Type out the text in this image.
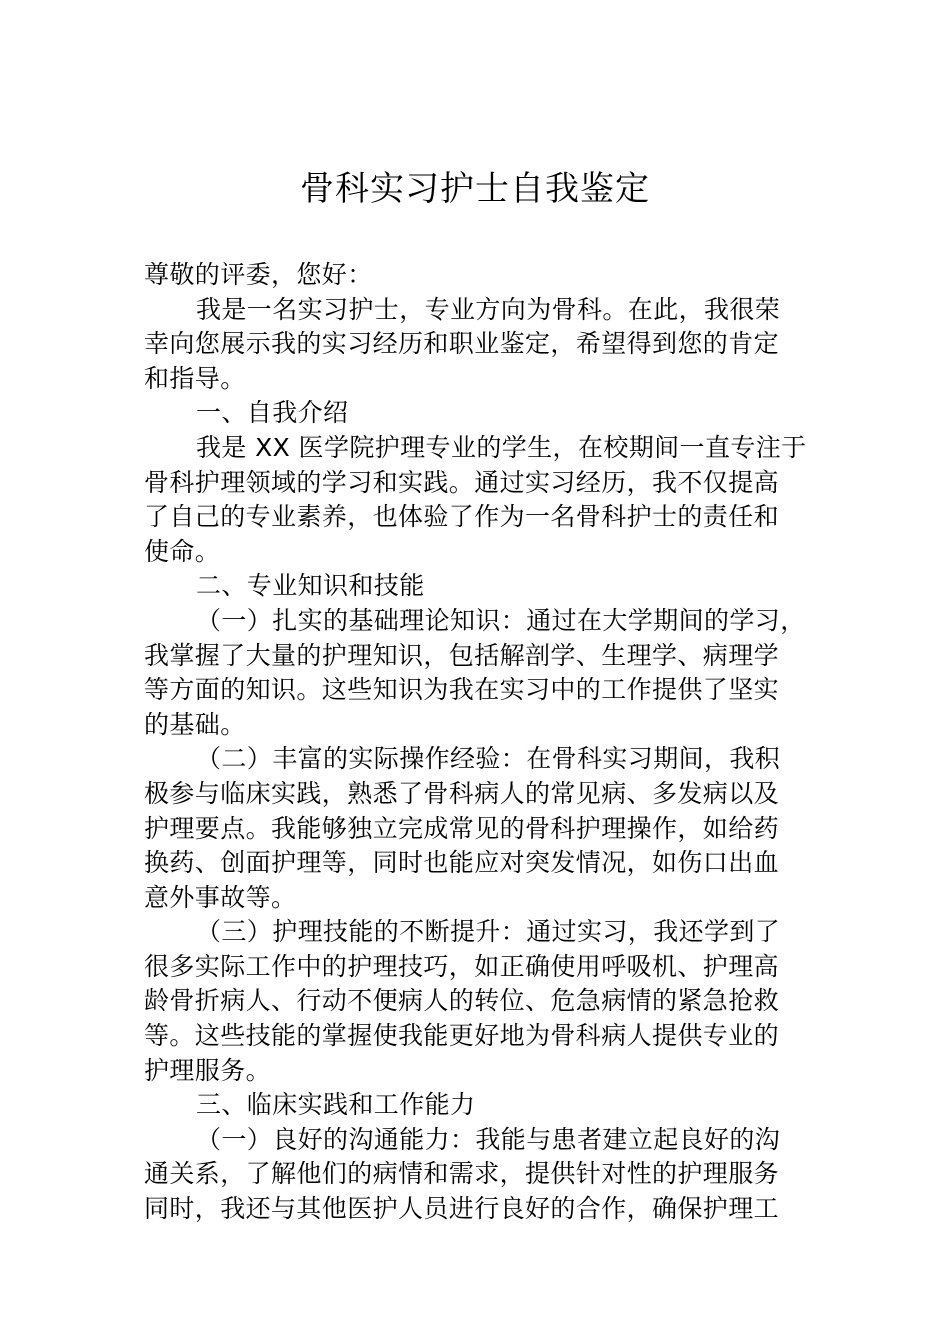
骨科实习护士自我鉴定
尊敬的评委，您好：
我是一名实习护士，专业方向为骨科。在此，我很荣
幸向您展示我的实习经历和职业鉴定，希望得到您的肯定
和指导。
一、自我介绍
我是 XX 医学院护理专业的学生，在校期间一直专注于
骨科护理领域的学习和实践。通过实习经历，我不仅提高
了自己的专业素养，也体验了作为一名骨科护士的责任和
使命。
二、专业知识和技能
（一）扎实的基础理论知识：通过在大学期间的学习，
我掌握了大量的护理知识，包括解剖学、生理学、病理学
等方面的知识。这些知识为我在实习中的工作提供了坚实
的基础。
（二）丰富的实际操作经验：在骨科实习期间，我积
极参与临床实践，熟悉了骨科病人的常见病、多发病以及
护理要点。我能够独立完成常见的骨科护理操作，如给药
换药、创面护理等，同时也能应对突发情况，如伤口出血
意外事故等。
（三）护理技能的不断提升：通过实习，我还学到了
很多实际工作中的护理技巧，如正确使用呼吸机、护理高
龄骨折病人、行动不便病人的转位、危急病情的紧急抢救
等。这些技能的掌握使我能更好地为骨科病人提供专业的
护理服务。
三、临床实践和工作能力
（一）良好的沟通能力：我能与患者建立起良好的沟
通关系，了解他们的病情和需求，提供针对性的护理服务
同时，我还与其他医护人员进行良好的合作，确保护理工
